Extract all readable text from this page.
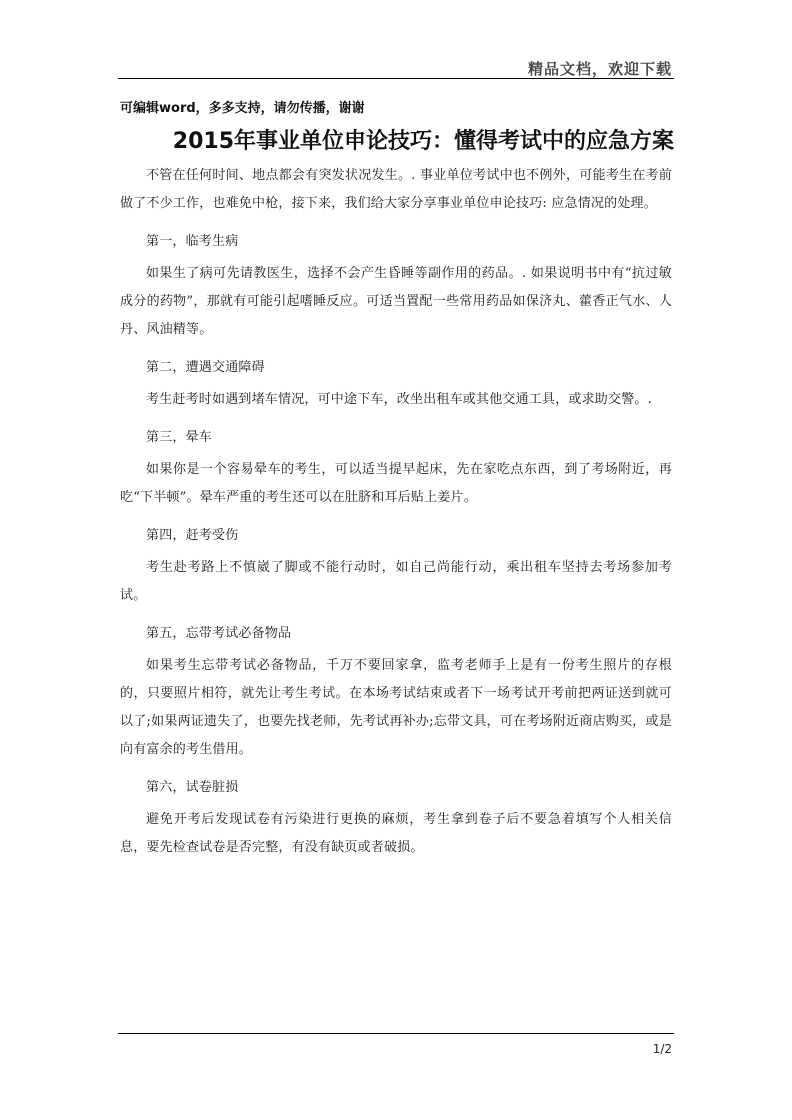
精品文档，欢迎下载
可编辑word，多多支持，请勿传播，谢谢
2015年事业单位申论技巧：懂得考试中的应急方案

不管在任何时间、地点都会有突发状况发生。. 事业单位考试中也不例外，可能考生在考前做了不少工作，也难免中枪，接下来，我们给大家分享事业单位申论技巧: 应急情况的处理。

第一，临考生病

如果生了病可先请教医生，选择不会产生昏睡等副作用的药品。. 如果说明书中有“抗过敏成分的药物”，那就有可能引起嗜睡反应。可适当置配一些常用药品如保济丸、藿香正气水、人丹、风油精等。

第二，遭遇交通障碍

考生赶考时如遇到堵车情况，可中途下车，改坐出租车或其他交通工具，或求助交警。.

第三，晕车

如果你是一个容易晕车的考生，可以适当提早起床，先在家吃点东西，到了考场附近，再吃“下半顿”。晕车严重的考生还可以在肚脐和耳后贴上姜片。

第四，赶考受伤

考生赴考路上不慎崴了脚或不能行动时，如自己尚能行动，乘出租车坚持去考场参加考试。

第五，忘带考试必备物品

如果考生忘带考试必备物品，千万不要回家拿，监考老师手上是有一份考生照片的存根的，只要照片相符，就先让考生考试。在本场考试结束或者下一场考试开考前把两证送到就可以了;如果两证遗失了，也要先找老师，先考试再补办;忘带文具，可在考场附近商店购买，或是向有富余的考生借用。

第六，试卷脏损

避免开考后发现试卷有污染进行更换的麻烦，考生拿到卷子后不要急着填写个人相关信息，要先检查试卷是否完整，有没有缺页或者破损。

1/2
